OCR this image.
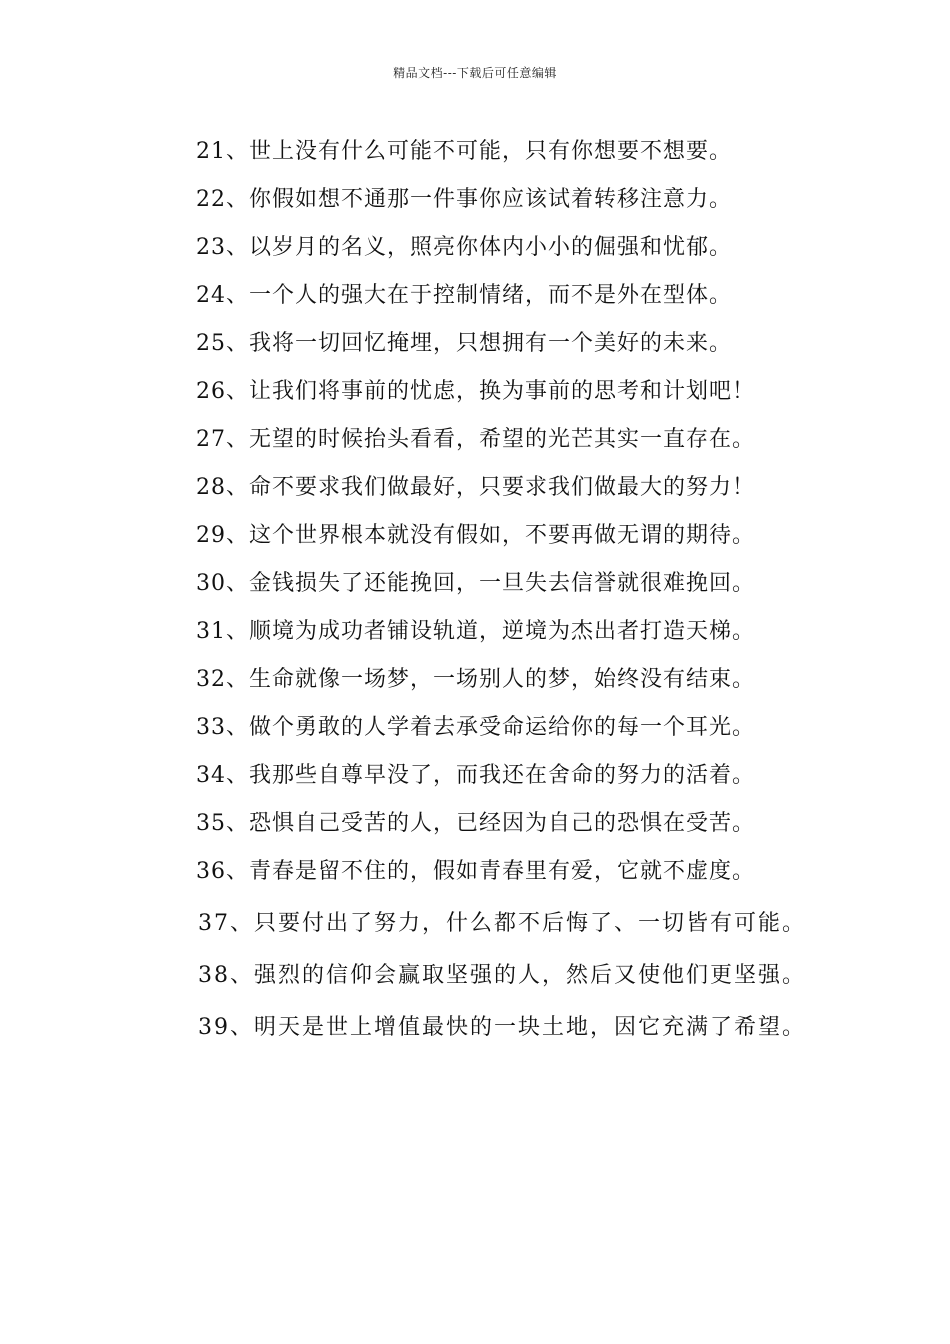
精品文档---下载后可任意编辑
21、世上没有什么可能不可能，只有你想要不想要。
22、你假如想不通那一件事你应该试着转移注意力。
23、以岁月的名义，照亮你体内小小的倔强和忧郁。
24、一个人的强大在于控制情绪，而不是外在型体。
25、我将一切回忆掩埋，只想拥有一个美好的未来。
26、让我们将事前的忧虑，换为事前的思考和计划吧！
27、无望的时候抬头看看，希望的光芒其实一直存在。
28、命不要求我们做最好，只要求我们做最大的努力！
29、这个世界根本就没有假如，不要再做无谓的期待。
30、金钱损失了还能挽回，一旦失去信誉就很难挽回。
31、顺境为成功者铺设轨道，逆境为杰出者打造天梯。
32、生命就像一场梦，一场别人的梦，始终没有结束。
33、做个勇敢的人学着去承受命运给你的每一个耳光。
34、我那些自尊早没了，而我还在舍命的努力的活着。
35、恐惧自己受苦的人，已经因为自己的恐惧在受苦。
36、青春是留不住的，假如青春里有爱，它就不虚度。
37、只要付出了努力，什么都不后悔了、一切皆有可能。
38、强烈的信仰会赢取坚强的人，然后又使他们更坚强。
39、明天是世上增值最快的一块土地，因它充满了希望。
